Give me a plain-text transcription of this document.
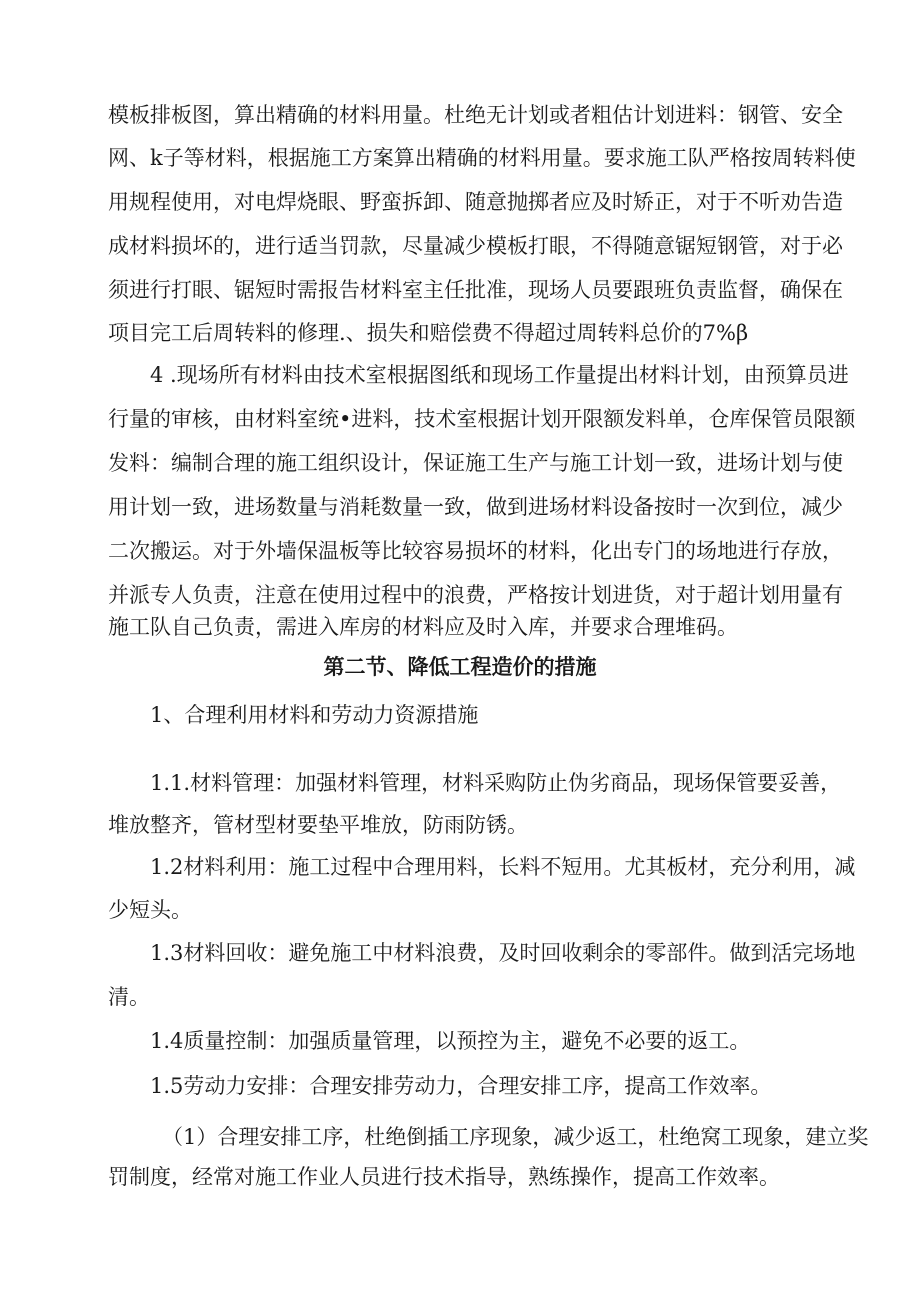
模板排板图，算出精确的材料用量。杜绝无计划或者粗估计划进料：钢管、安全
网、k子等材料，根据施工方案算出精确的材料用量。要求施工队严格按周转料使
用规程使用，对电焊烧眼、野蛮拆卸、随意抛掷者应及时矫正，对于不听劝告造
成材料损坏的，进行适当罚款，尽量减少模板打眼，不得随意锯短钢管，对于必
须进行打眼、锯短时需报告材料室主任批准，现场人员要跟班负责监督，确保在
项目完工后周转料的修理.、损失和赔偿费不得超过周转料总价的7%β
4 .现场所有材料由技术室根据图纸和现场工作量提出材料计划，由预算员进
行量的审核，由材料室统•进料，技术室根据计划开限额发料单，仓库保管员限额
发料：编制合理的施工组织设计，保证施工生产与施工计划一致，进场计划与使
用计划一致，进场数量与消耗数量一致，做到进场材料设备按时一次到位，减少
二次搬运。对于外墙保温板等比较容易损坏的材料，化出专门的场地进行存放，
并派专人负责，注意在使用过程中的浪费，严格按计划进货，对于超计划用量有
施工队自己负责，需进入库房的材料应及时入库，并要求合理堆码。
第二节、降低工程造价的措施
1、合理利用材料和劳动力资源措施
1.1.材料管理：加强材料管理，材料采购防止伪劣商品，现场保管要妥善，
堆放整齐，管材型材要垫平堆放，防雨防锈。
1.2材料利用：施工过程中合理用料，长料不短用。尤其板材，充分利用，减
少短头。
1.3材料回收：避免施工中材料浪费，及时回收剩余的零部件。做到活完场地
清。
1.4质量控制：加强质量管理，以预控为主，避免不必要的返工。
1.5劳动力安排：合理安排劳动力，合理安排工序，提高工作效率。
（1）合理安排工序，杜绝倒插工序现象，减少返工，杜绝窝工现象，建立奖
罚制度，经常对施工作业人员进行技术指导，熟练操作，提高工作效率。
